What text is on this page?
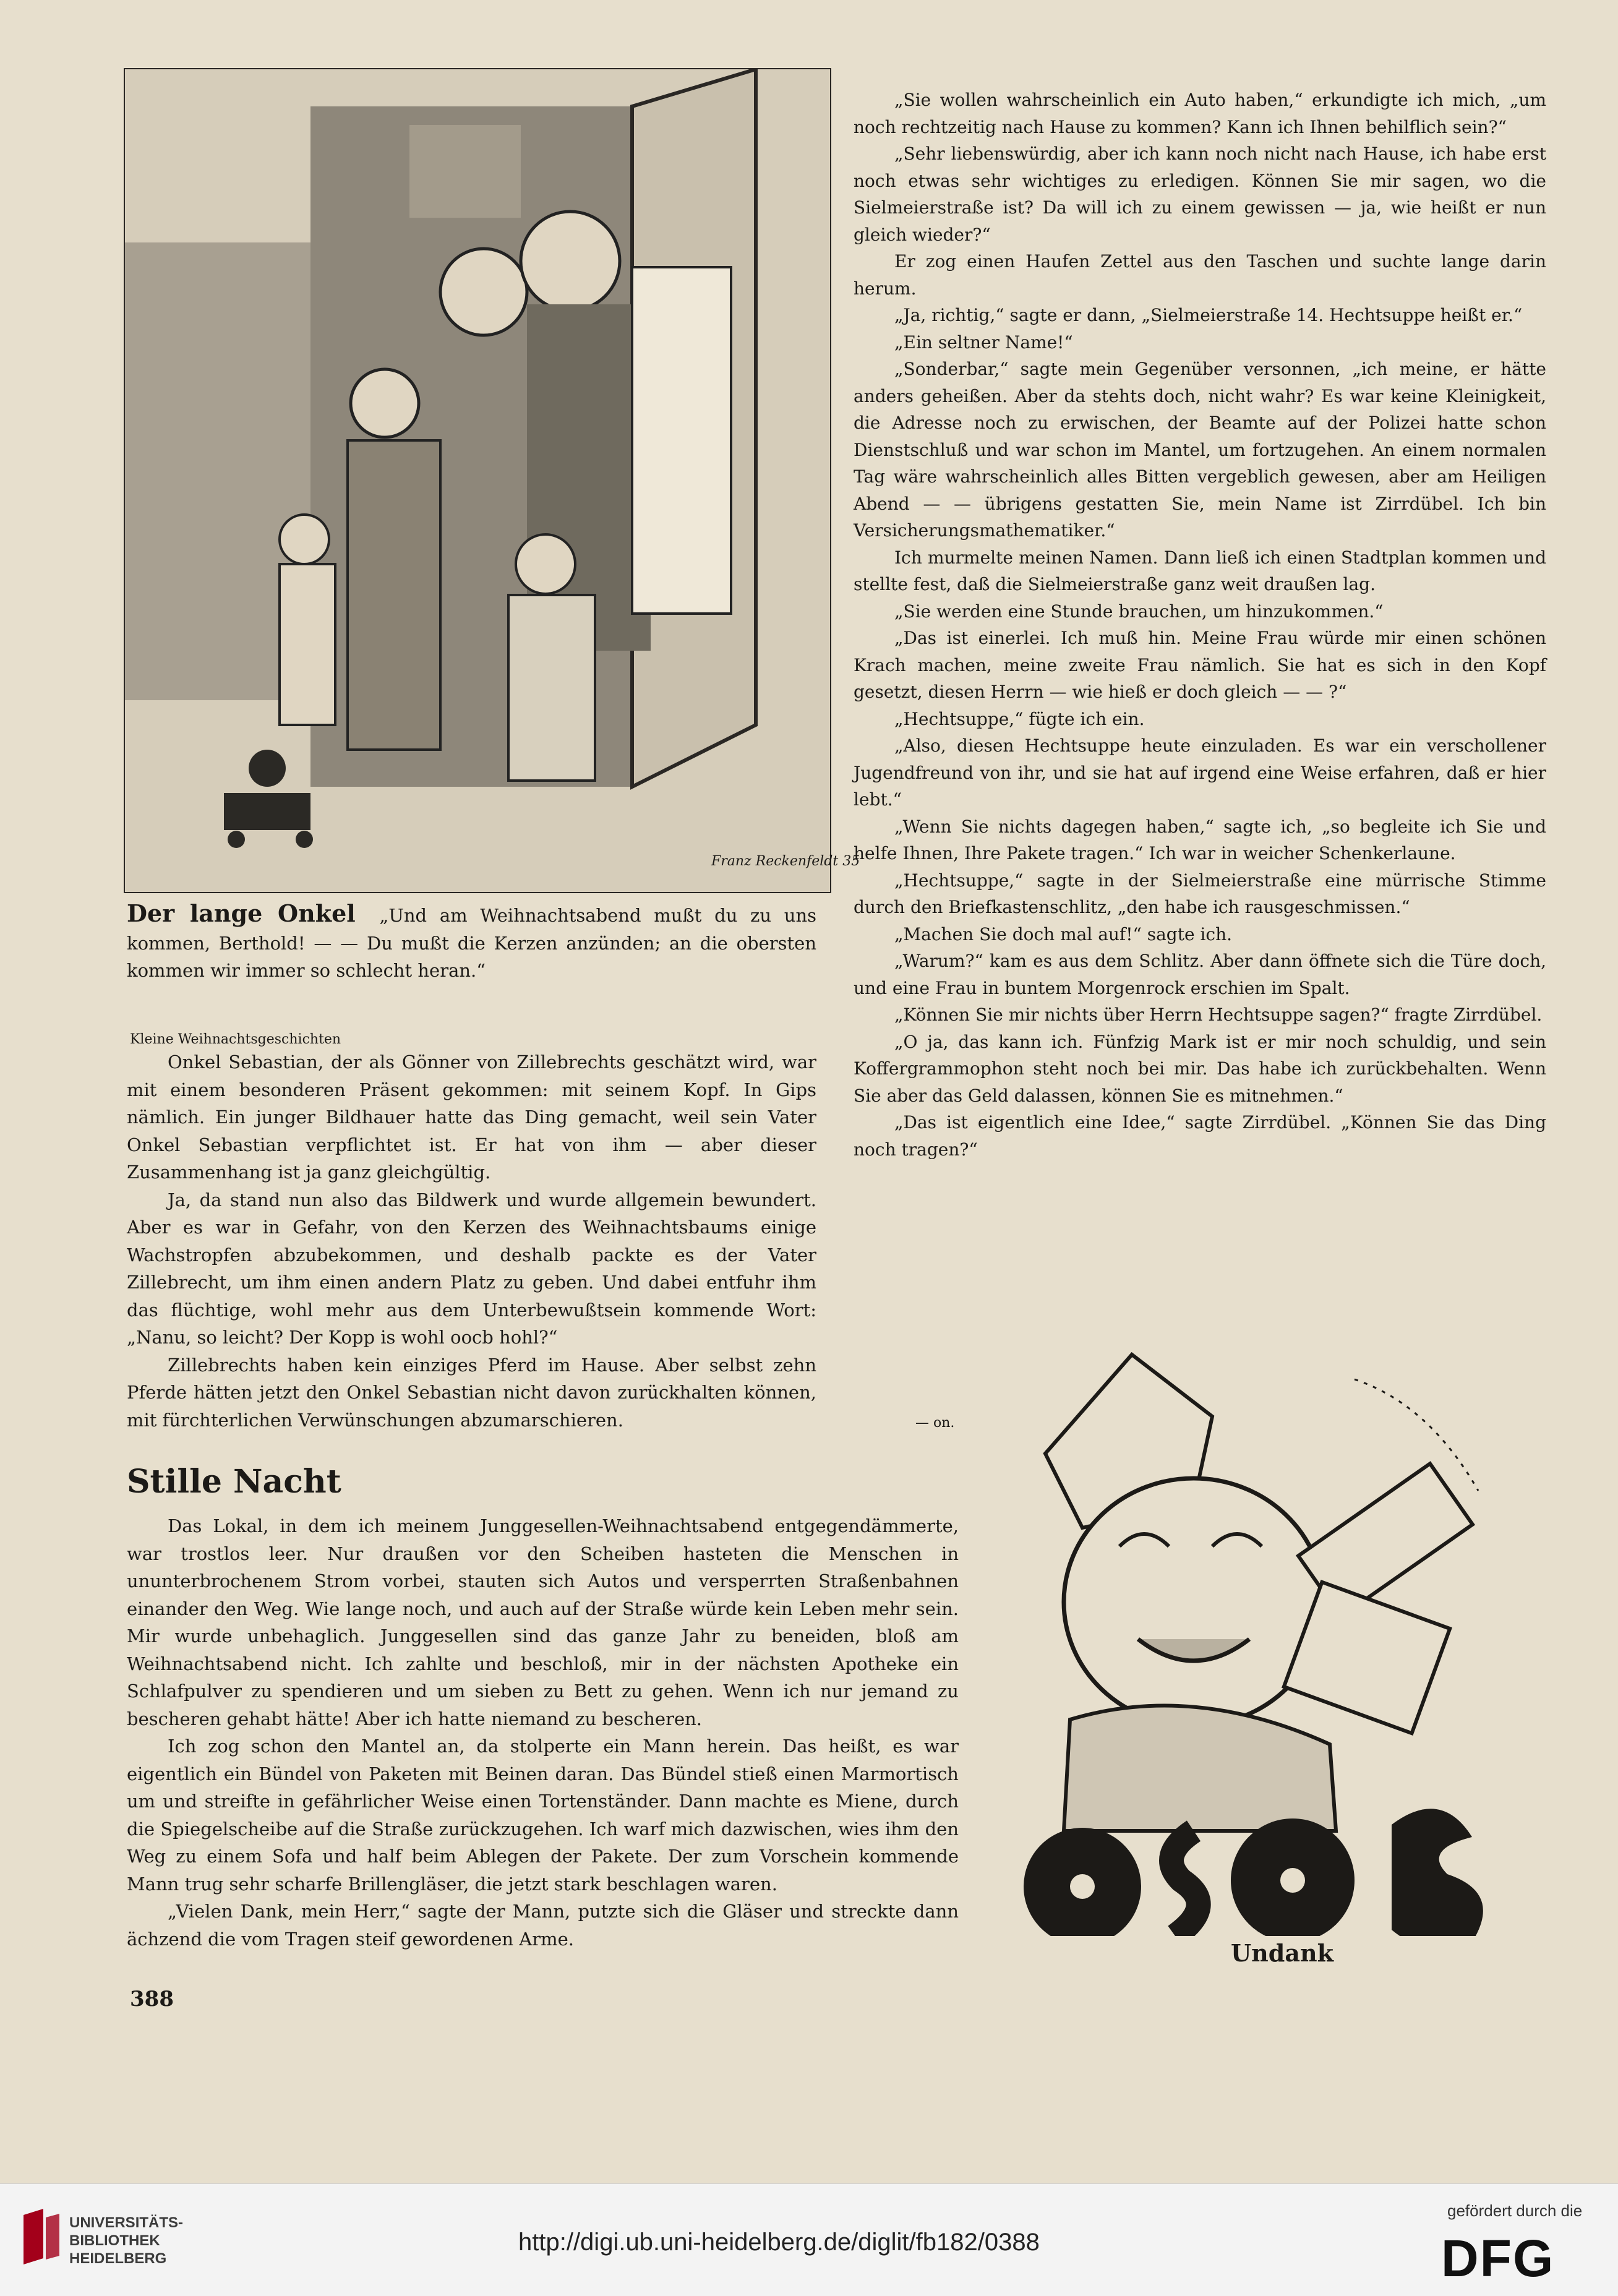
Franz Reckenfeldt 35
Der lange Onkel „Und am Weihnachtsabend mußt du zu uns kommen, Berthold! — — Du mußt die Kerzen anzünden; an die obersten kommen wir immer so schlecht heran.“
Kleine Weihnachtsgeschichten

Onkel Sebastian, der als Gönner von Zillebrechts geschätzt wird, war mit einem besonderen Präsent gekommen: mit seinem Kopf. In Gips nämlich. Ein junger Bildhauer hatte das Ding gemacht, weil sein Vater Onkel Sebastian verpflichtet ist. Er hat von ihm — aber dieser Zusammenhang ist ja ganz gleichgültig.

Ja, da stand nun also das Bildwerk und wurde allgemein bewundert. Aber es war in Gefahr, von den Kerzen des Weihnachtsbaums einige Wachstropfen abzubekommen, und deshalb packte es der Vater Zillebrecht, um ihm einen andern Platz zu geben. Und dabei entfuhr ihm das flüchtige, wohl mehr aus dem Unterbewußtsein kommende Wort: „Nanu, so leicht? Der Kopp is wohl oocb hohl?“

Zillebrechts haben kein einziges Pferd im Hause. Aber selbst zehn Pferde hätten jetzt den Onkel Sebastian nicht davon zurückhalten können, mit fürchterlichen Verwünschungen abzumarschieren.	— on.
Stille Nacht

Das Lokal, in dem ich meinem Junggesellen-Weihnachtsabend entgegendämmerte, war trostlos leer. Nur draußen vor den Scheiben hasteten die Menschen in ununterbrochenem Strom vorbei, stauten sich Autos und versperrten Straßenbahnen einander den Weg. Wie lange noch, und auch auf der Straße würde kein Leben mehr sein. Mir wurde unbehaglich. Junggesellen sind das ganze Jahr zu beneiden, bloß am Weihnachtsabend nicht. Ich zahlte und beschloß, mir in der nächsten Apotheke ein Schlafpulver zu spendieren und um sieben zu Bett zu gehen. Wenn ich nur jemand zu bescheren gehabt hätte! Aber ich hatte niemand zu bescheren.

Ich zog schon den Mantel an, da stolperte ein Mann herein. Das heißt, es war eigentlich ein Bündel von Paketen mit Beinen daran. Das Bündel stieß einen Marmortisch um und streifte in gefährlicher Weise einen Tortenständer. Dann machte es Miene, durch die Spiegelscheibe auf die Straße zurückzugehen. Ich warf mich dazwischen, wies ihm den Weg zu einem Sofa und half beim Ablegen der Pakete. Der zum Vorschein kommende Mann trug sehr scharfe Brillengläser, die jetzt stark beschlagen waren.

„Vielen Dank, mein Herr,“ sagte der Mann, putzte sich die Gläser und streckte dann ächzend die vom Tragen steif gewordenen Arme.

388

„Sie wollen wahrscheinlich ein Auto haben,“ erkundigte ich mich, „um noch rechtzeitig nach Hause zu kommen? Kann ich Ihnen behilflich sein?“

„Sehr liebenswürdig, aber ich kann noch nicht nach Hause, ich habe erst noch etwas sehr wichtiges zu erledigen. Können Sie mir sagen, wo die Sielmeierstraße ist? Da will ich zu einem gewissen — ja, wie heißt er nun gleich wieder?“

Er zog einen Haufen Zettel aus den Taschen und suchte lange darin herum.

„Ja, richtig,“ sagte er dann, „Sielmeierstraße 14. Hechtsuppe heißt er.“

„Ein seltner Name!“

„Sonderbar,“ sagte mein Gegenüber versonnen, „ich meine, er hätte anders geheißen. Aber da stehts doch, nicht wahr? Es war keine Kleinigkeit, die Adresse noch zu erwischen, der Beamte auf der Polizei hatte schon Dienstschluß und war schon im Mantel, um fortzugehen. An einem normalen Tag wäre wahrscheinlich alles Bitten vergeblich gewesen, aber am Heiligen Abend — — übrigens gestatten Sie, mein Name ist Zirrdübel. Ich bin Versicherungsmathematiker.“

Ich murmelte meinen Namen. Dann ließ ich einen Stadtplan kommen und stellte fest, daß die Sielmeierstraße ganz weit draußen lag.

„Sie werden eine Stunde brauchen, um hinzukommen.“

„Das ist einerlei. Ich muß hin. Meine Frau würde mir einen schönen Krach machen, meine zweite Frau nämlich. Sie hat es sich in den Kopf gesetzt, diesen Herrn — wie hieß er doch gleich — — ?“

„Hechtsuppe,“ fügte ich ein.

„Also, diesen Hechtsuppe heute einzuladen. Es war ein verschollener Jugendfreund von ihr, und sie hat auf irgend eine Weise erfahren, daß er hier lebt.“

„Wenn Sie nichts dagegen haben,“ sagte ich, „so begleite ich Sie und helfe Ihnen, Ihre Pakete tragen.“ Ich war in weicher Schenkerlaune.

„Hechtsuppe,“ sagte in der Sielmeierstraße eine mürrische Stimme durch den Briefkastenschlitz, „den habe ich rausgeschmissen.“

„Machen Sie doch mal auf!“ sagte ich.

„Warum?“ kam es aus dem Schlitz. Aber dann öffnete sich die Türe doch, und eine Frau in buntem Morgenrock erschien im Spalt.

„Können Sie mir nichts über Herrn Hechtsuppe sagen?“ fragte Zirrdübel.

„O ja, das kann ich. Fünfzig Mark ist er mir noch schuldig, und sein Koffergrammophon steht noch bei mir. Das habe ich zurückbehalten. Wenn Sie aber das Geld dalassen, können Sie es mitnehmen.“

„Das ist eigentlich eine Idee,“ sagte Zirrdübel. „Können Sie das Ding noch tragen?“

Undank
UNIVERSITÄTS-
BIBLIOTHEK
HEIDELBERG
http://digi.ub.uni-heidelberg.de/diglit/fb182/0388
gefördert durch die
DFG
